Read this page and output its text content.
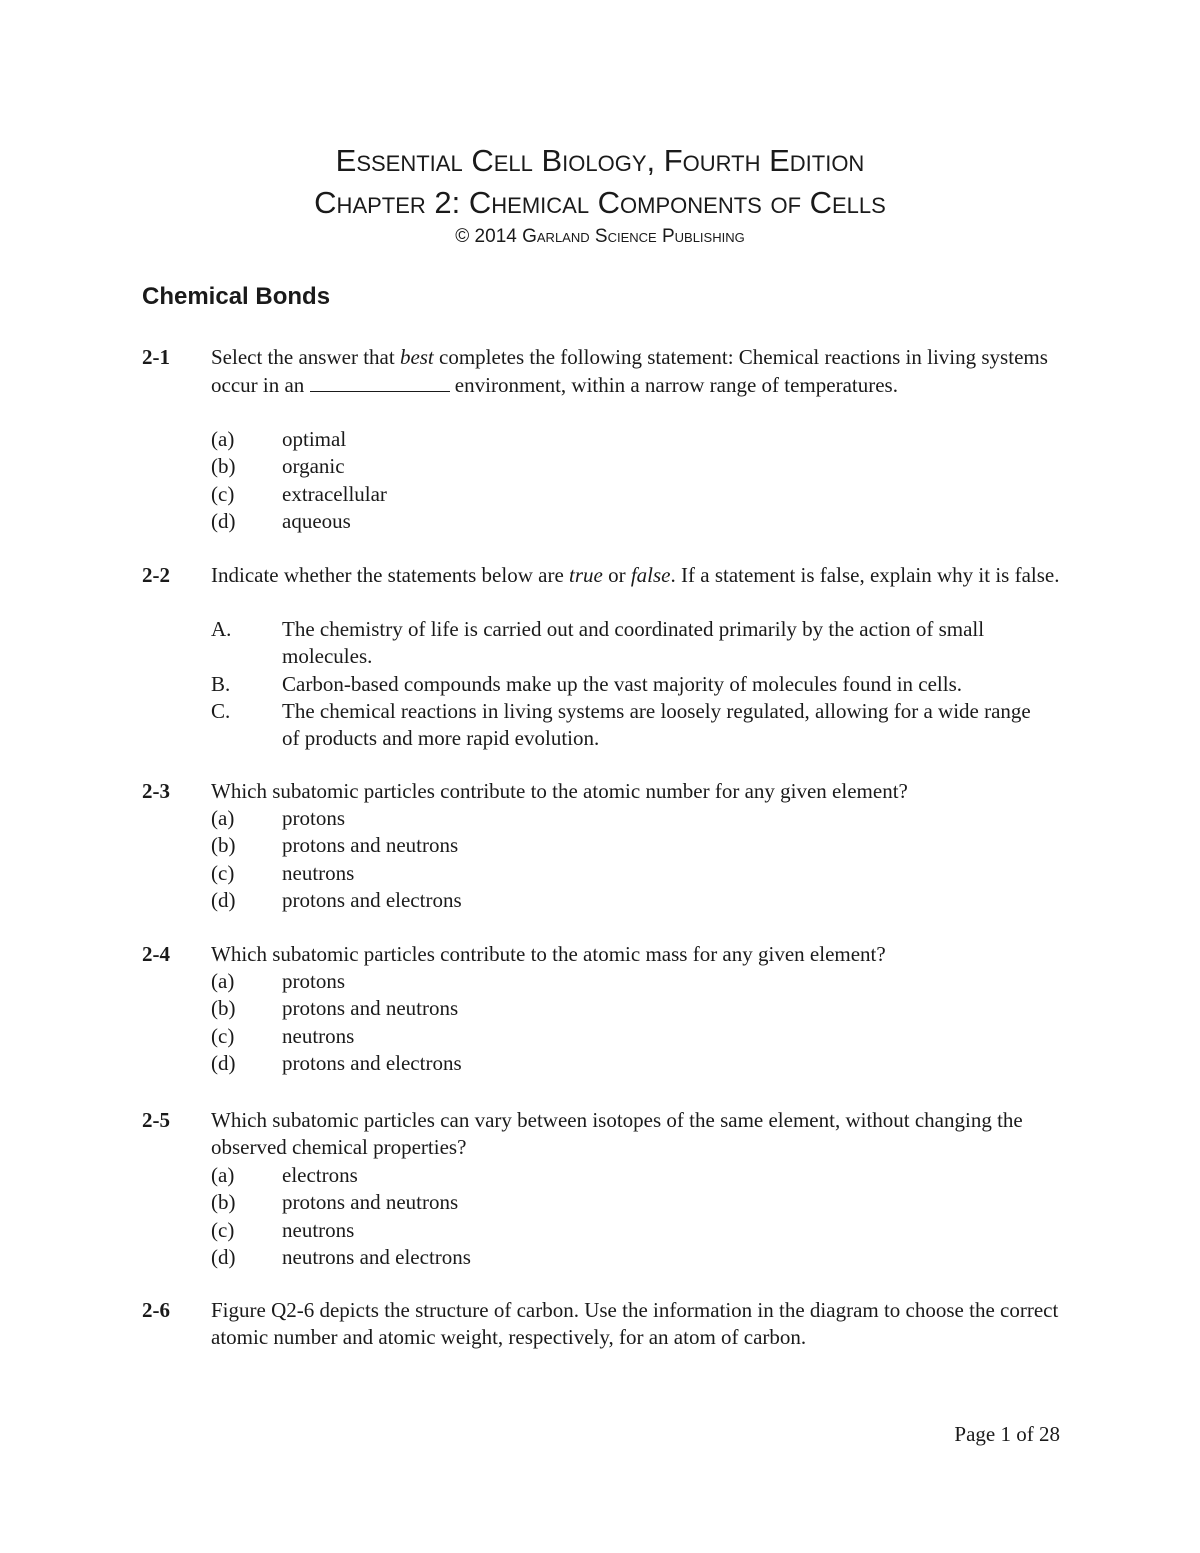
Essential Cell Biology, Fourth Edition
Chapter 2: Chemical Components of Cells
© 2014 Garland Science Publishing
Chemical Bonds
2-1 Select the answer that best completes the following statement: Chemical reactions in living systems occur in an	environment, within a narrow range of temperatures.
(a)	optimal
(b)	organic
(c)	extracellular
(d)	aqueous
2-2 Indicate whether the statements below are true or false. If a statement is false, explain why it is false.
A.	The chemistry of life is carried out and coordinated primarily by the action of small molecules.
B.	Carbon-based compounds make up the vast majority of molecules found in cells.
C.	The chemical reactions in living systems are loosely regulated, allowing for a wide range of products and more rapid evolution.
2-3 Which subatomic particles contribute to the atomic number for any given element?
(a)	protons
(b)	protons and neutrons
(c)	neutrons
(d)	protons and electrons
2-4 Which subatomic particles contribute to the atomic mass for any given element?
(a)	protons
(b)	protons and neutrons
(c)	neutrons
(d)	protons and electrons
2-5 Which subatomic particles can vary between isotopes of the same element, without changing the observed chemical properties?
(a)	electrons
(b)	protons and neutrons
(c)	neutrons
(d)	neutrons and electrons
2-6 Figure Q2-6 depicts the structure of carbon. Use the information in the diagram to choose the correct atomic number and atomic weight, respectively, for an atom of carbon.
Page 1 of 28
